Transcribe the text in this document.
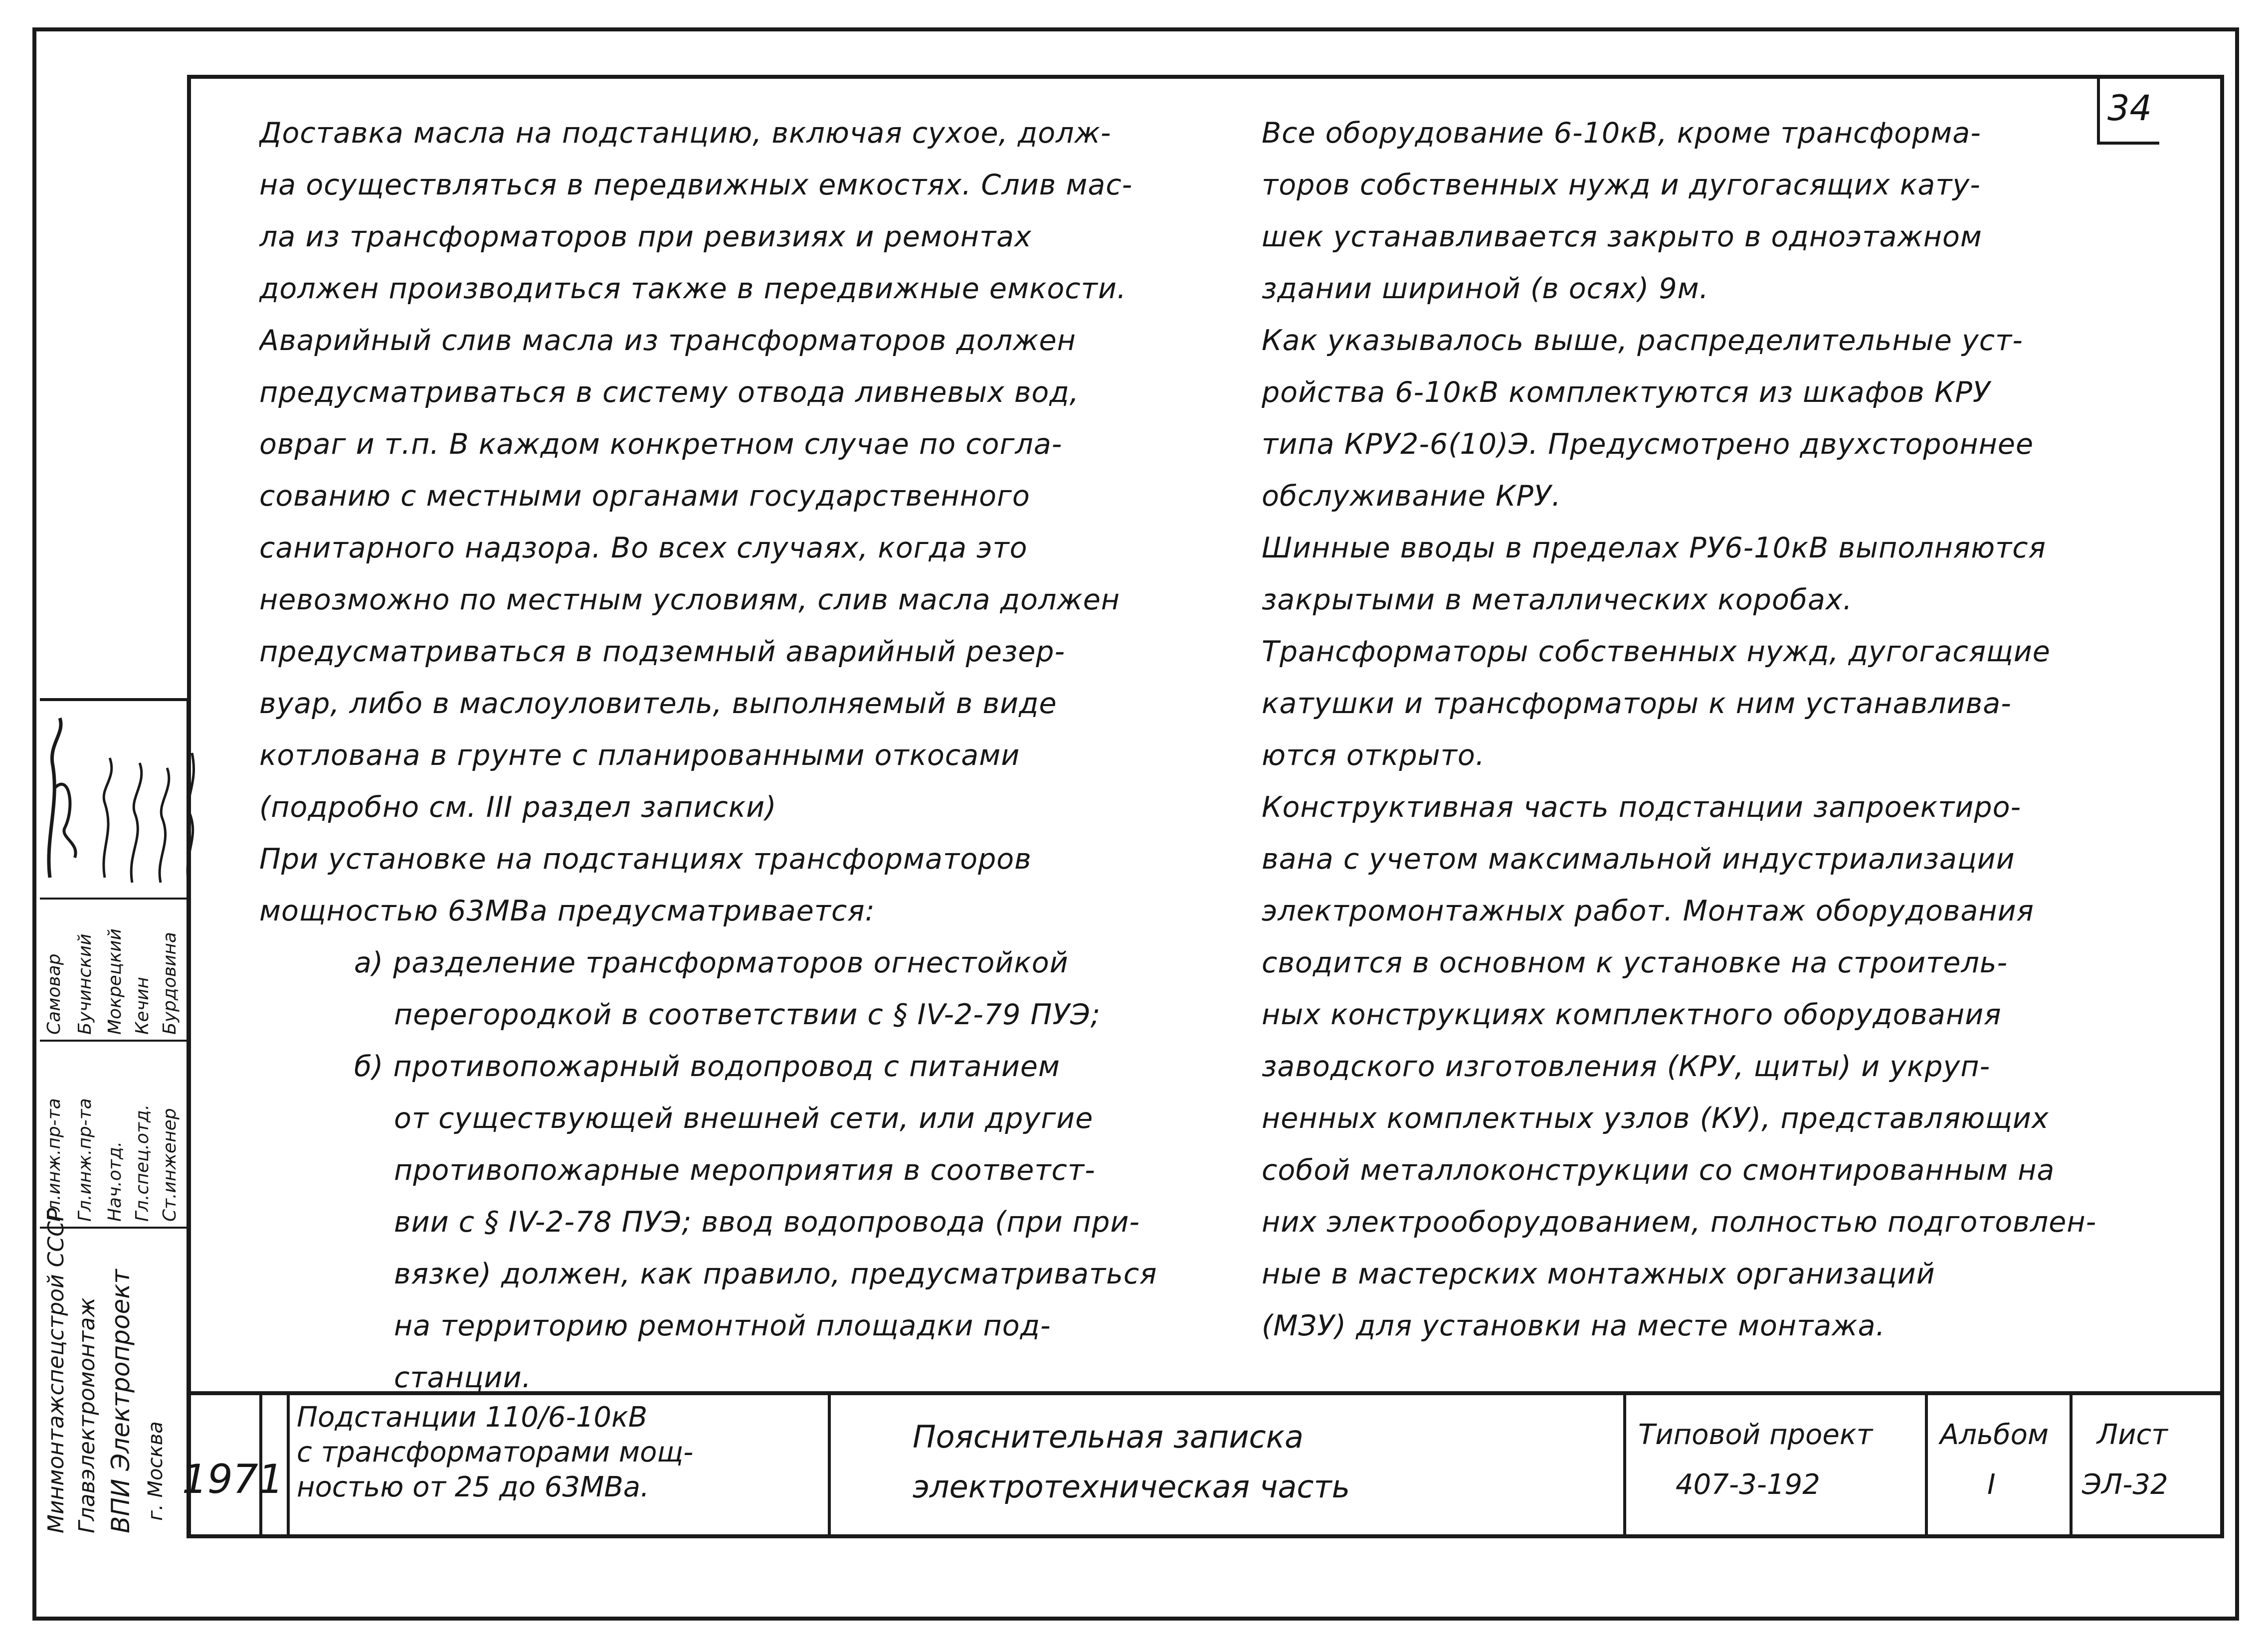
34
Доставка масла на подстанцию, включая сухое, долж-
на осуществляться в передвижных емкостях. Слив мас-
ла из трансформаторов при ревизиях и ремонтах
должен производиться также в передвижные емкости.
Аварийный слив масла из трансформаторов должен
предусматриваться в систему отвода ливневых вод,
овраг и т.п. В каждом конкретном случае по согла-
сованию с местными органами государственного
санитарного надзора. Во всех случаях, когда это
невозможно по местным условиям, слив масла должен
предусматриваться в подземный аварийный резер-
вуар, либо в маслоуловитель, выполняемый в виде
котлована в грунте с планированными откосами
(подробно см. III раздел записки)
При установке на подстанциях трансформаторов
мощностью 63МВа предусматривается:
а) разделение трансформаторов огнестойкой
перегородкой в соответствии с § IV-2-79 ПУЭ;
б) противопожарный водопровод с питанием
от существующей внешней сети, или другие
противопожарные мероприятия в соответст-
вии с § IV-2-78 ПУЭ; ввод водопровода (при при-
вязке) должен, как правило, предусматриваться
на территорию ремонтной площадки под-
станции.
Все оборудование 6-10кВ, кроме трансформа-
торов собственных нужд и дугогасящих кату-
шек устанавливается закрыто в одноэтажном
здании шириной (в осях) 9м.
Как указывалось выше, распределительные уст-
ройства 6-10кВ комплектуются из шкафов КРУ
типа КРУ2-6(10)Э. Предусмотрено двухстороннее
обслуживание КРУ.
Шинные вводы в пределах РУ6-10кВ выполняются
закрытыми в металлических коробах.
Трансформаторы собственных нужд, дугогасящие
катушки и трансформаторы к ним устанавлива-
ются открыто.
Конструктивная часть подстанции запроектиро-
вана с учетом максимальной индустриализации
электромонтажных работ. Монтаж оборудования
сводится в основном к установке на строитель-
ных конструкциях комплектного оборудования
заводского изготовления (КРУ, щиты) и укруп-
ненных комплектных узлов (КУ), представляющих
собой металлоконструкции со смонтированным на
них электрооборудованием, полностью подготовлен-
ные в мастерских монтажных организаций
(МЗУ) для установки на месте монтажа.
1971
Подстанции 110/6-10кВ
с трансформаторами мощ-
ностью от 25 до 63МВа.
Пояснительная записка
электротехническая часть
Типовой проект
407-3-192
Альбом
I
Лист
ЭЛ-32
Минмонтажспецстрой СССР Главэлектромонтаж ВПИ Электропроект г. Москва
Гл.инж.пр-та Гл.инж.пр-та Нач.отд. Гл.спец.отд. Ст.инженер
Самовар Бучинский Мокрецкий Кечин Бурдовина
